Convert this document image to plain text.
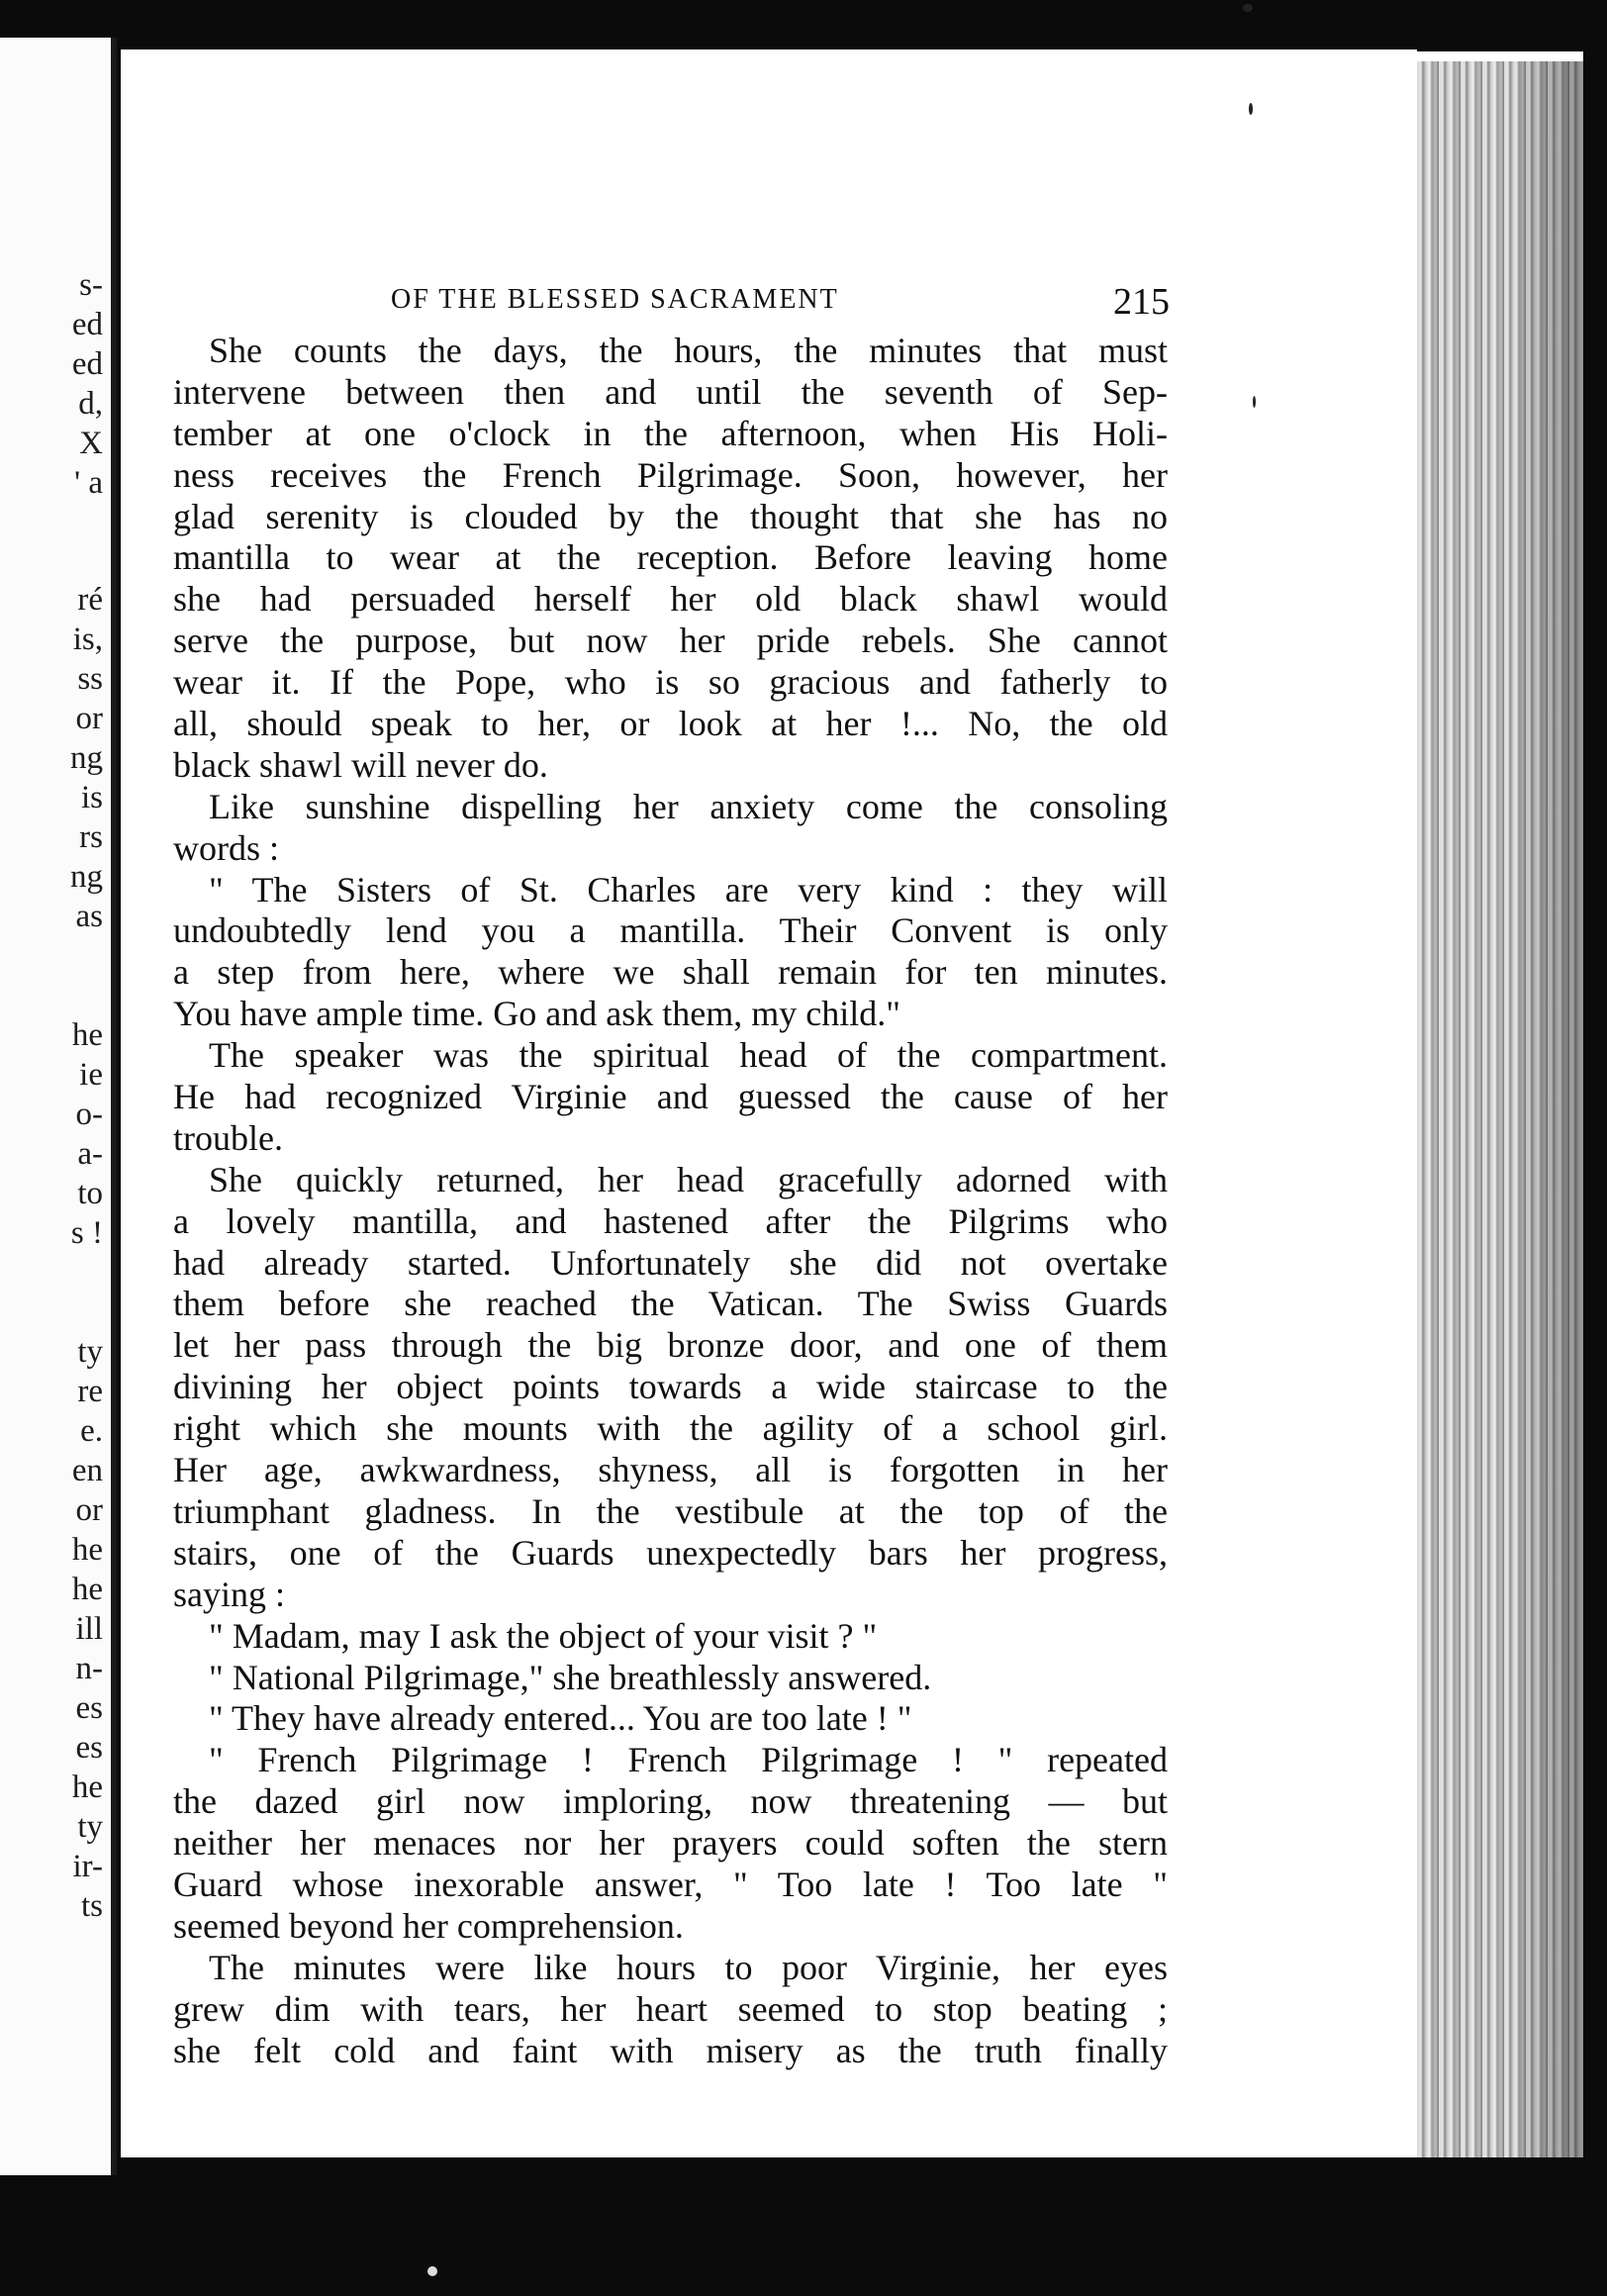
s-
ed
ed
d,
X
' a
ré
is,
ss
or
ng
is
rs
ng
as
he
ie
o-
a-
to
s !
ty
re
e.
en
or
he
he
ill
n-
es
es
he
ty
ir-
ts
OF THE BLESSED SACRAMENT	215
She counts the days, the hours, the minutes that must
intervene between then and until the seventh of Sep-
tember at one o'clock in the afternoon, when His Holi-
ness receives the French Pilgrimage. Soon, however, her
glad serenity is clouded by the thought that she has no
mantilla to wear at the reception. Before leaving home
she had persuaded herself her old black shawl would
serve the purpose, but now her pride rebels. She cannot
wear it. If the Pope, who is so gracious and fatherly to
all, should speak to her, or look at her !... No, the old
black shawl will never do.
Like sunshine dispelling her anxiety come the consoling
words :
" The Sisters of St. Charles are very kind : they will
undoubtedly lend you a mantilla. Their Convent is only
a step from here, where we shall remain for ten minutes.
You have ample time. Go and ask them, my child."
The speaker was the spiritual head of the compartment.
He had recognized Virginie and guessed the cause of her
trouble.
She quickly returned, her head gracefully adorned with
a lovely mantilla, and hastened after the Pilgrims who
had already started. Unfortunately she did not overtake
them before she reached the Vatican. The Swiss Guards
let her pass through the big bronze door, and one of them
divining her object points towards a wide staircase to the
right which she mounts with the agility of a school girl.
Her age, awkwardness, shyness, all is forgotten in her
triumphant gladness. In the vestibule at the top of the
stairs, one of the Guards unexpectedly bars her progress,
saying :
" Madam, may I ask the object of your visit ? "
" National Pilgrimage," she breathlessly answered.
" They have already entered... You are too late ! "
" French Pilgrimage ! French Pilgrimage ! " repeated
the dazed girl now imploring, now threatening — but
neither her menaces nor her prayers could soften the stern
Guard whose inexorable answer, " Too late ! Too late "
seemed beyond her comprehension.
The minutes were like hours to poor Virginie, her eyes
grew dim with tears, her heart seemed to stop beating ;
she felt cold and faint with misery as the truth finally
